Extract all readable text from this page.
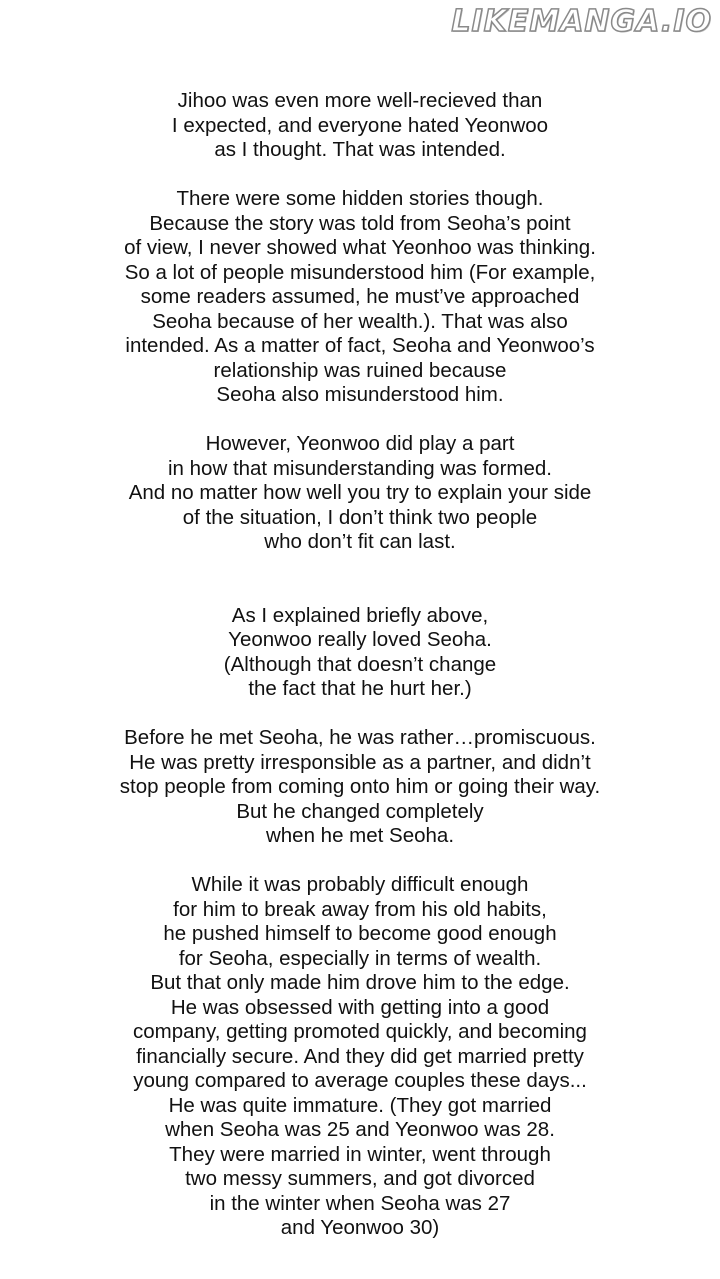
LIKEMANGA.IO
Jihoo was even more well-recieved than
I expected, and everyone hated Yeonwoo
as I thought. That was intended.
There were some hidden stories though.
Because the story was told from Seoha’s point
of view, I never showed what Yeonhoo was thinking.
So a lot of people misunderstood him (For example,
some readers assumed, he must’ve approached
Seoha because of her wealth.). That was also
intended. As a matter of fact, Seoha and Yeonwoo’s
relationship was ruined because
Seoha also misunderstood him.
However, Yeonwoo did play a part
in how that misunderstanding was formed.
And no matter how well you try to explain your side
of the situation, I don’t think two people
who don’t fit can last.
As I explained briefly above,
Yeonwoo really loved Seoha.
(Although that doesn’t change
the fact that he hurt her.)
Before he met Seoha, he was rather…promiscuous.
He was pretty irresponsible as a partner, and didn’t
stop people from coming onto him or going their way.
But he changed completely
when he met Seoha.
While it was probably difficult enough
for him to break away from his old habits,
he pushed himself to become good enough
for Seoha, especially in terms of wealth.
But that only made him drove him to the edge.
He was obsessed with getting into a good
company, getting promoted quickly, and becoming
financially secure. And they did get married pretty
young compared to average couples these days...
He was quite immature. (They got married
when Seoha was 25 and Yeonwoo was 28.
They were married in winter, went through
two messy summers, and got divorced
in the winter when Seoha was 27
and Yeonwoo 30)
